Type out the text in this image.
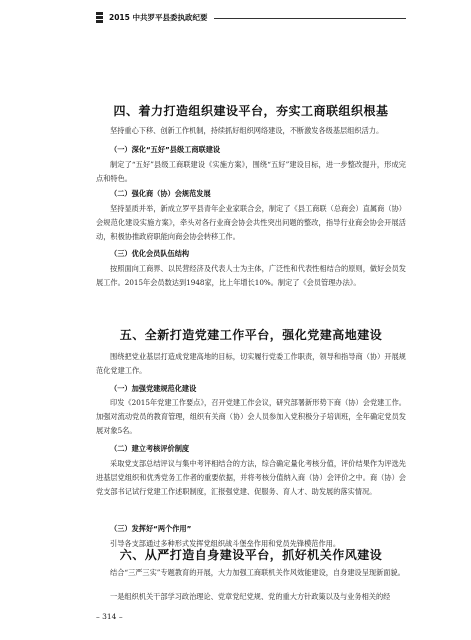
2015 中共罗平县委执政纪要
四、着力打造组织建设平台，夯实工商联组织根基
坚持重心下移、创新工作机制，持续抓好组织网络建设，不断激发各级基层组织活力。
（一）深化“五好”县级工商联建设
制定了“五好”县级工商联建设《实施方案》，围绕“五好”建设目标，进一步整改提升，形成完点和特色。
（二）强化商（协）会规范发展
坚持显质并举，新成立罗平县青年企业家联合会，制定了《县工商联（总商会）直属商（协）会规范化建设实施方案》，牵头对各行业商会协会共性突出问题的整改，指导行业商会协会开展活动，积极协推政府职能向商会协会转移工作。
（三）优化会员队伍结构
按照面向工商界、以民营经济及代表人士为主体，广泛性和代表性相结合的原则，做好会员发展工作。2015年会员数达到1948家，比上年增长10%。制定了《会员管理办法》。
五、全新打造党建工作平台，强化党建高地建设
围绕把党业基层打造成党建高地的目标，切实履行党委工作职责，领导和指导商（协）开展规范化党建工作。
（一）加强党建规范化建设
印发《2015年党建工作要点》，召开党建工作会议，研究部署新形势下商（协）会党建工作。加强对流动党员的教育管理，组织有关商（协）会人员参加入党积极分子培训班，全年确定党员发展对象5名。
（二）建立考核评价制度
采取党支部总结评议与集中考评相结合的方法，综合确定量化考核分值，评价结果作为评选先进基层党组织和优秀党务工作者的重要依据，并将考核分值纳入商（协）会评价之中。商（协）会党支部书记试行党建工作述职制度，汇报强党建、促服务、育人才、助发展的落实情况。
（三）发挥好“两个作用”
引导各支部通过多种形式发挥党组织战斗堡垒作用和党员先锋模范作用。
六、从严打造自身建设平台，抓好机关作风建设
结合“三严三实”专题教育的开展，大力加强工商联机关作风效能建设，自身建设呈现新面貌。
一是组织机关干部学习政治理论、党章党纪党规、党的重大方针政策以及与业务相关的经
– 314 –
